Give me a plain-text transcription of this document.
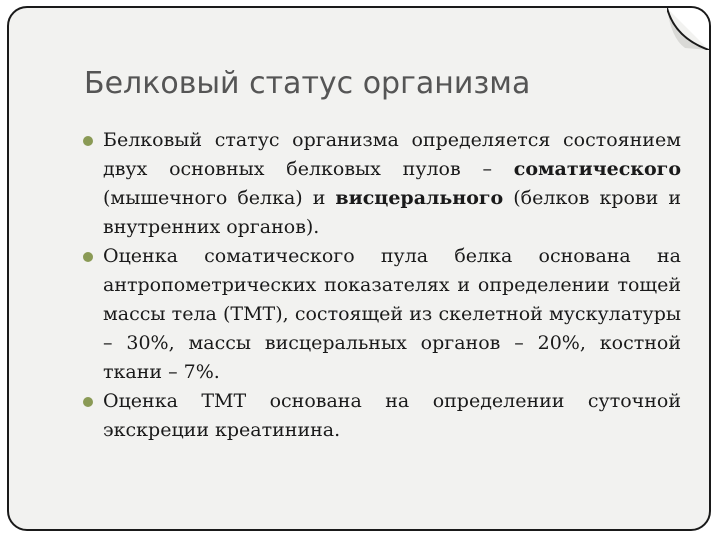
Белковый статус организма
Белковый статус организма определяется состоянием двух основных белковых пулов – соматического (мышечного белка) и висцерального (белков крови и внутренних органов).
Оценка соматического пула белка основана на антропометрических показателях и определении тощей массы тела (ТМТ), состоящей из скелетной мускулатуры – 30%, массы висцеральных органов – 20%, костной ткани – 7%.
Оценка ТМТ основана на определении суточной экскреции креатинина.
